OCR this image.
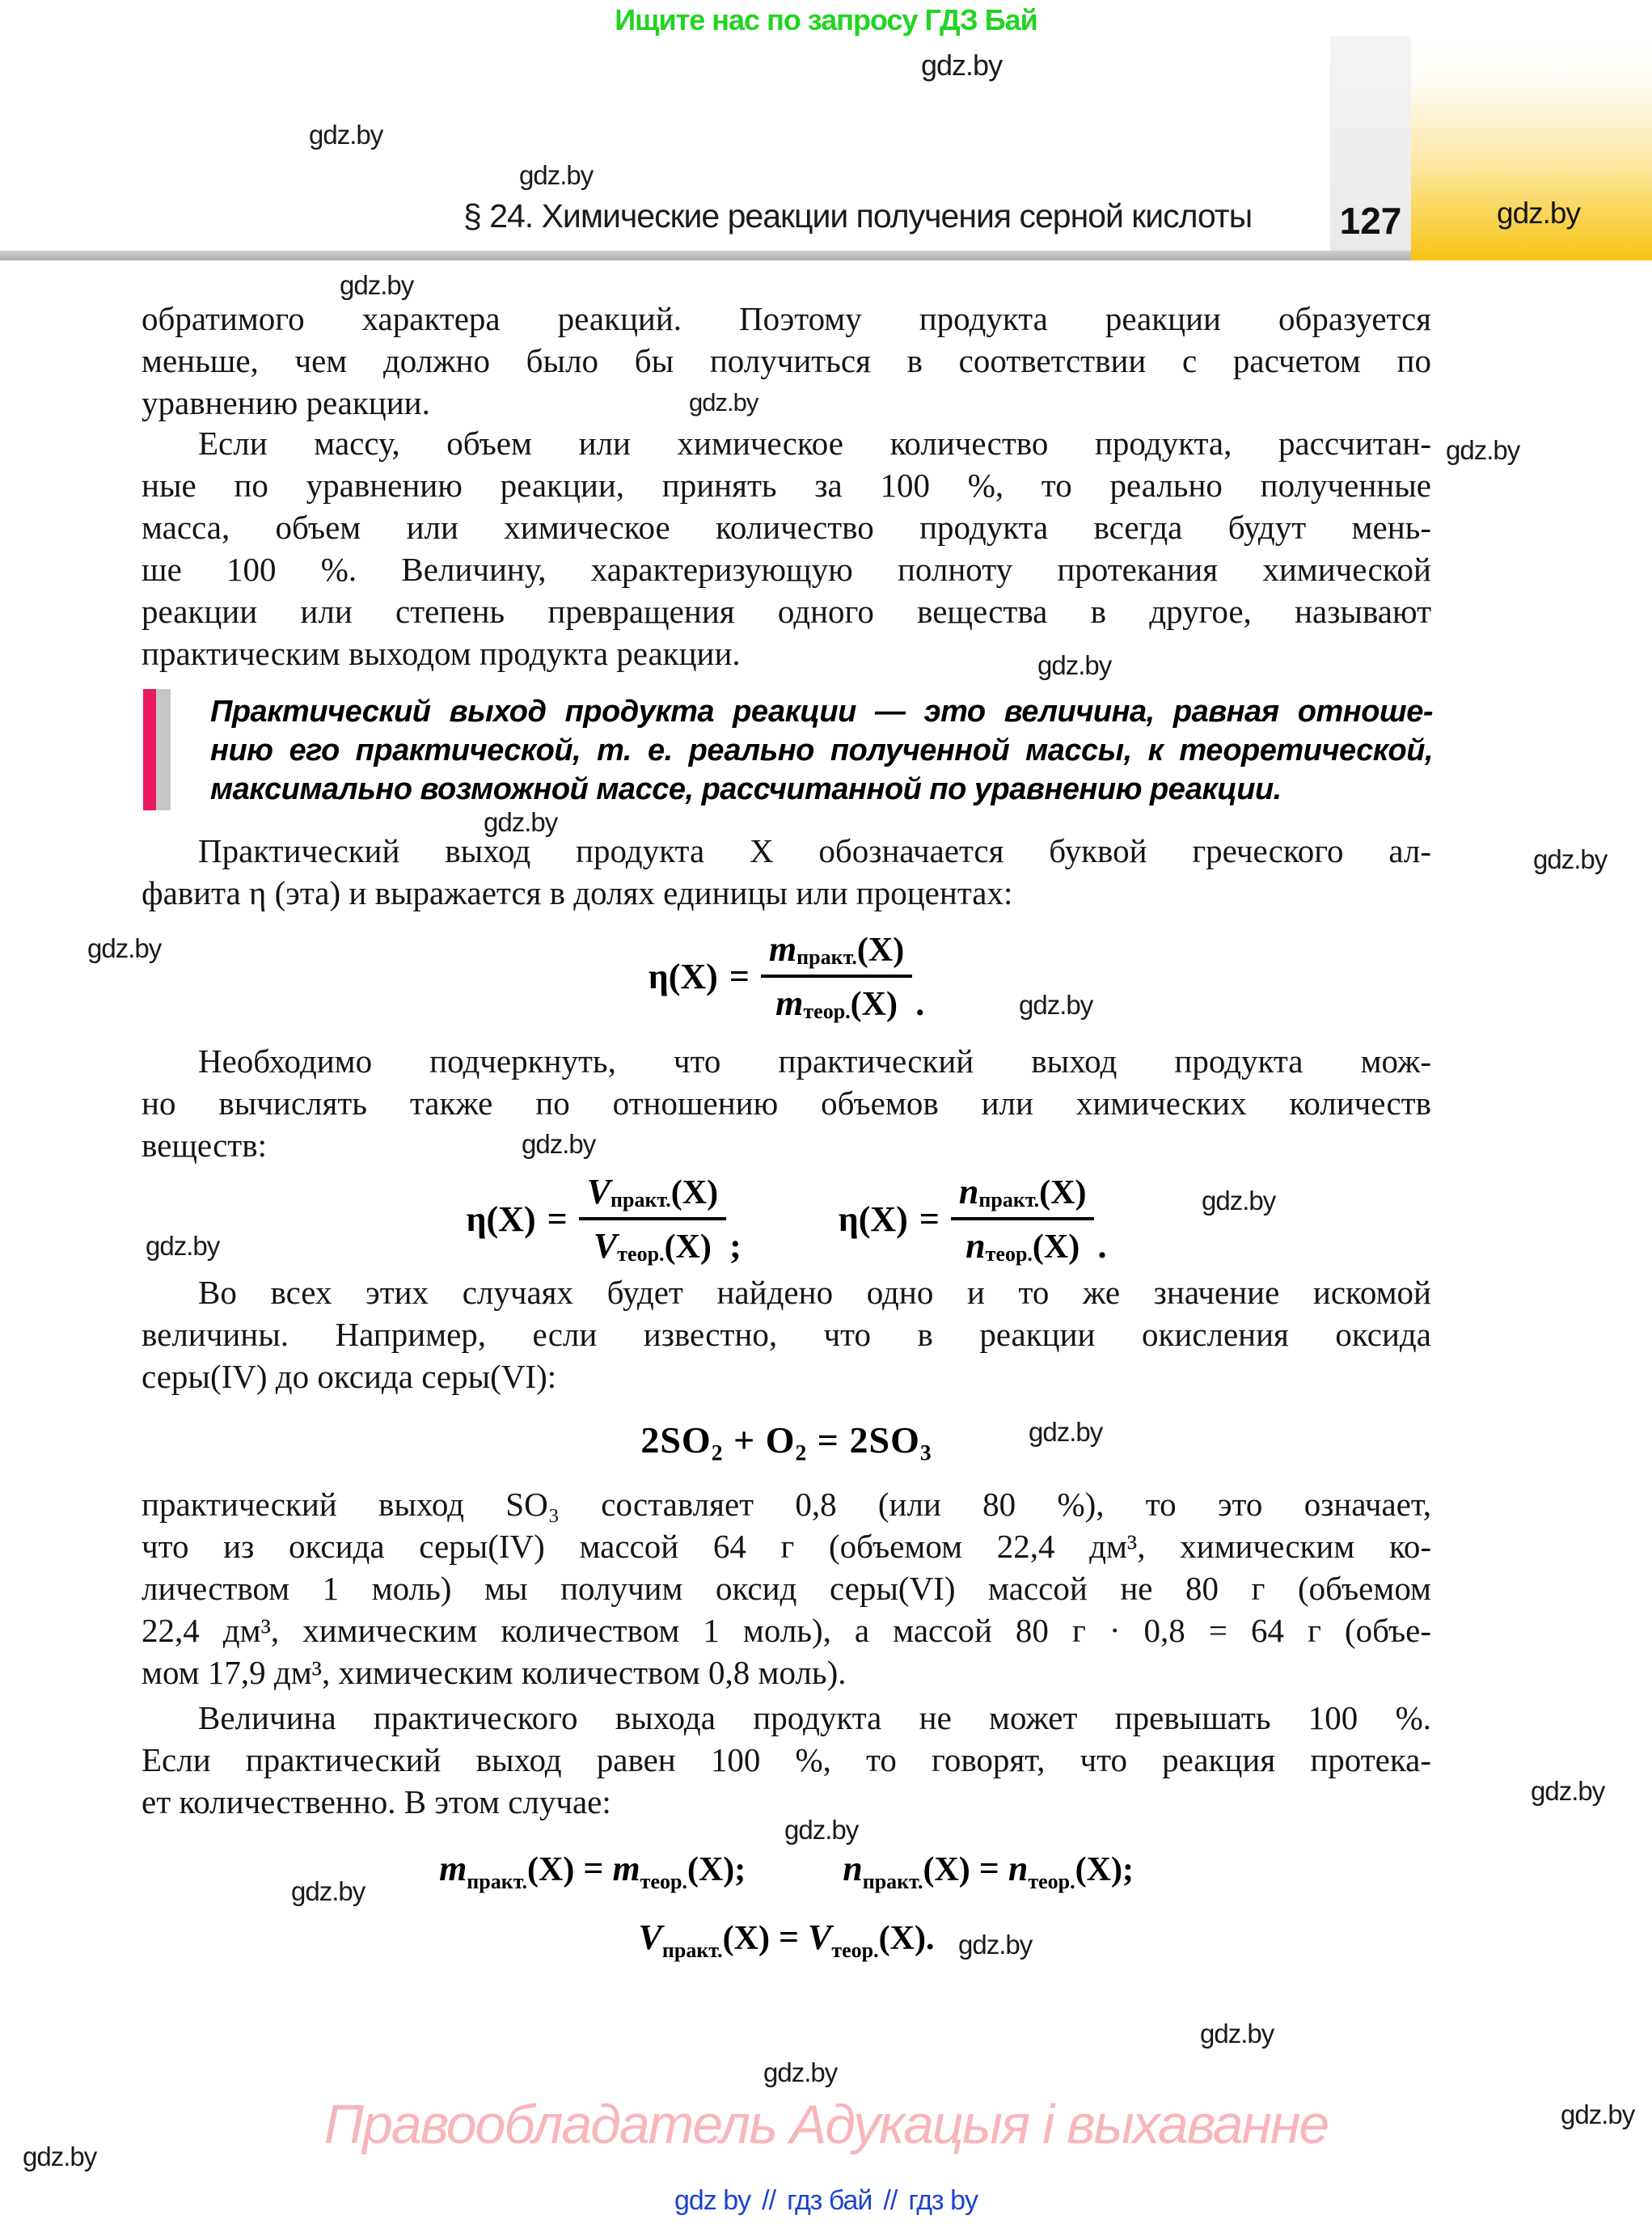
Ищите нас по запросу ГДЗ Бай
gdz.by
gdz.by
gdz.by
gdz.by
gdz.by
gdz.by
gdz.by
gdz.by
gdz.by
gdz.by
gdz.by
gdz.by
gdz.by
gdz.by
gdz.by
gdz.by
gdz.by
gdz.by
gdz.by
gdz.by
gdz.by
gdz.by
gdz.by
§ 24. Химические реакции получения серной кислоты 127	gdz.by
обратимого характера реакций. Поэтому продукта реакции образуется
меньше, чем должно было бы получиться в соответствии с расчетом по
уравнению реакции.
Если массу, объем или химическое количество продукта, рассчитан-
ные по уравнению реакции, принять за 100 %, то реально полученные
масса, объем или химическое количество продукта всегда будут мень-
ше 100 %. Величину, характеризующую полноту протекания химической
реакции или степень превращения одного вещества в другое, называют
практическим выходом продукта реакции.
Практический выход продукта реакции — это величина, равная отноше-
нию его практической, т. е. реально полученной массы, к теоретической,
максимально возможной массе, рассчитанной по уравнению реакции.
Практический выход продукта X обозначается буквой греческого ал-
фавита η (эта) и выражается в долях единицы или процентах:
$\eta(X) = \frac{m_{практ.}(X)}{m_{теор.}(X)}$ .
Необходимо подчеркнуть, что практический выход продукта мож-
но вычислять также по отношению объемов или химических количеств
веществ:
$\eta(X) = \frac{V_{практ.}(X)}{V_{теор.}(X)}$ ;
$\eta(X) = \frac{n_{практ.}(X)}{n_{теор.}(X)}$ .
Во всех этих случаях будет найдено одно и то же значение искомой
величины. Например, если известно, что в реакции окисления оксида
серы(IV) до оксида серы(VI):
2SO₂ + O₂ = 2SO₃
практический выход SO₃ составляет 0,8 (или 80 %), то это означает,
что из оксида серы(IV) массой 64 г (объемом 22,4 дм³, химическим ко-
личеством 1 моль) мы получим оксид серы(VI) массой не 80 г (объемом
22,4 дм³, химическим количеством 1 моль), а массой 80 г · 0,8 = 64 г (объе-
мом 17,9 дм³, химическим количеством 0,8 моль).
Величина практического выхода продукта не может превышать 100 %.
Если практический выход равен 100 %, то говорят, что реакция протека-
ет количественно. В этом случае:
$m_{практ.}(X) = m_{теор.}(X)$;	$n_{практ.}(X) = n_{теор.}(X)$;
$V_{практ.}(X) = V_{теор.}(X)$.
Правообладатель Адукацыя і выхаванне
gdz by // гдз бай // гдз by
